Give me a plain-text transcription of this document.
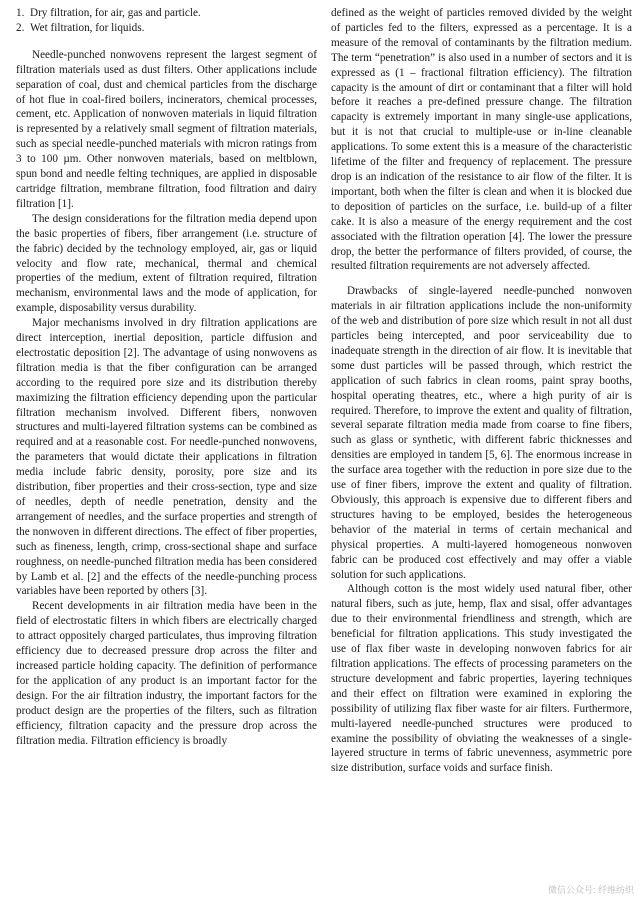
1. Dry filtration, for air, gas and particle.
2. Wet filtration, for liquids.

Needle-punched nonwovens represent the largest segment of filtration materials used as dust filters. Other applications include separation of coal, dust and chemical particles from the discharge of hot flue in coal-fired boilers, incinerators, chemical processes, cement, etc. Application of nonwoven materials in liquid filtration is represented by a relatively small segment of filtration materials, such as special needle-punched materials with micron ratings from 3 to 100 µm. Other nonwoven materials, based on meltblown, spun bond and needle felting techniques, are applied in disposable cartridge filtration, membrane filtration, food filtration and dairy filtration [1].

The design considerations for the filtration media depend upon the basic properties of fibers, fiber arrangement (i.e. structure of the fabric) decided by the technology employed, air, gas or liquid velocity and flow rate, mechanical, thermal and chemical properties of the medium, extent of filtration required, filtration mechanism, environmental laws and the mode of application, for example, disposability versus durability.

Major mechanisms involved in dry filtration applications are direct interception, inertial deposition, particle diffusion and electrostatic deposition [2]. The advantage of using nonwovens as filtration media is that the fiber configuration can be arranged according to the required pore size and its distribution thereby maximizing the filtration efficiency depending upon the particular filtration mechanism involved. Different fibers, nonwoven structures and multi-layered filtration systems can be combined as required and at a reasonable cost. For needle-punched nonwovens, the parameters that would dictate their applications in filtration media include fabric density, porosity, pore size and its distribution, fiber properties and their cross-section, type and size of needles, depth of needle penetration, density and the arrangement of needles, and the surface properties and strength of the nonwoven in different directions. The effect of fiber properties, such as fineness, length, crimp, cross-sectional shape and surface roughness, on needle-punched filtration media has been considered by Lamb et al. [2] and the effects of the needle-punching process variables have been reported by others [3].

Recent developments in air filtration media have been in the field of electrostatic filters in which fibers are electrically charged to attract oppositely charged particulates, thus improving filtration efficiency due to decreased pressure drop across the filter and increased particle holding capacity. The definition of performance for the application of any product is an important factor for the design. For the air filtration industry, the important factors for the product design are the properties of the filters, such as filtration efficiency, filtration capacity and the pressure drop across the filtration media. Filtration efficiency is broadly

defined as the weight of particles removed divided by the weight of particles fed to the filters, expressed as a percentage. It is a measure of the removal of contaminants by the filtration medium. The term “penetration” is also used in a number of sectors and it is expressed as (1 – fractional filtration efficiency). The filtration capacity is the amount of dirt or contaminant that a filter will hold before it reaches a pre-defined pressure change. The filtration capacity is extremely important in many single-use applications, but it is not that crucial to multiple-use or in-line cleanable applications. To some extent this is a measure of the characteristic lifetime of the filter and frequency of replacement. The pressure drop is an indication of the resistance to air flow of the filter. It is important, both when the filter is clean and when it is blocked due to deposition of particles on the surface, i.e. build-up of a filter cake. It is also a measure of the energy requirement and the cost associated with the filtration operation [4]. The lower the pressure drop, the better the performance of filters provided, of course, the resulted filtration requirements are not adversely affected.

Drawbacks of single-layered needle-punched nonwoven materials in air filtration applications include the non-uniformity of the web and distribution of pore size which result in not all dust particles being intercepted, and poor serviceability due to inadequate strength in the direction of air flow. It is inevitable that some dust particles will be passed through, which restrict the application of such fabrics in clean rooms, paint spray booths, hospital operating theatres, etc., where a high purity of air is required. Therefore, to improve the extent and quality of filtration, several separate filtration media made from coarse to fine fibers, such as glass or synthetic, with different fabric thicknesses and densities are employed in tandem [5, 6]. The enormous increase in the surface area together with the reduction in pore size due to the use of finer fibers, improve the extent and quality of filtration. Obviously, this approach is expensive due to different fibers and structures having to be employed, besides the heterogeneous behavior of the material in terms of certain mechanical and physical properties. A multi-layered homogeneous nonwoven fabric can be produced cost effectively and may offer a viable solution for such applications.

Although cotton is the most widely used natural fiber, other natural fibers, such as jute, hemp, flax and sisal, offer advantages due to their environmental friendliness and strength, which are beneficial for filtration applications. This study investigated the use of flax fiber waste in developing nonwoven fabrics for air filtration applications. The effects of processing parameters on the structure development and fabric properties, layering techniques and their effect on filtration were examined in exploring the possibility of utilizing flax fiber waste for air filters. Furthermore, multi-layered needle-punched structures were produced to examine the possibility of obviating the weaknesses of a single-layered structure in terms of fabric unevenness, asymmetric pore size distribution, surface voids and surface finish.

微信公众号: 纤维纺织
